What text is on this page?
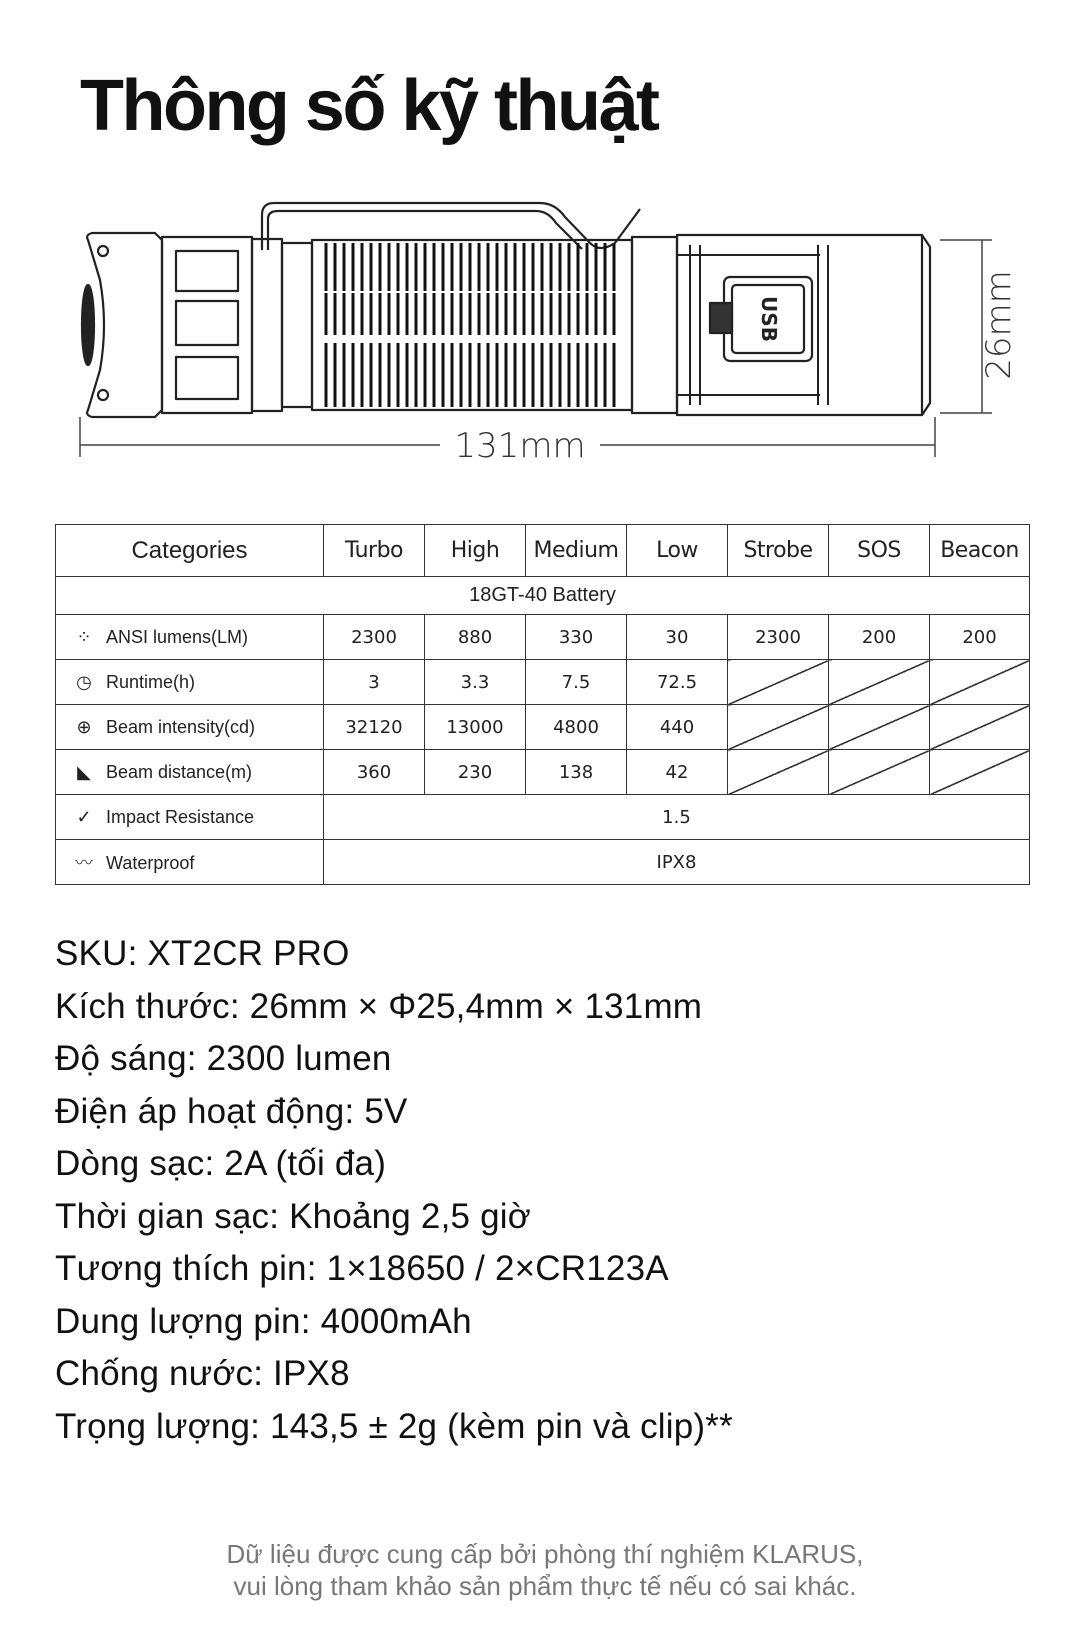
Thông số kỹ thuật
USB
131mm
26mm
Categories	Turbo	High	Medium	Low	Strobe	SOS	Beacon
18GT-40 Battery							
⁘ ANSI lumens(LM)	2300	880	330	30	2300	200	200
◷ Runtime(h)	3	3.3	7.5	72.5			
⊕ Beam intensity(cd)	32120	13000	4800	440			
◣ Beam distance(m)	360	230	138	42			
✓ Impact Resistance	1.5						
〰 Waterproof	IPX8						
SKU: XT2CR PRO
Kích thước: 26mm × Φ25,4mm × 131mm
Độ sáng: 2300 lumen
Điện áp hoạt động: 5V
Dòng sạc: 2A (tối đa)
Thời gian sạc: Khoảng 2,5 giờ
Tương thích pin: 1×18650 / 2×CR123A
Dung lượng pin: 4000mAh
Chống nước: IPX8
Trọng lượng: 143,5 ± 2g (kèm pin và clip)**
Dữ liệu được cung cấp bởi phòng thí nghiệm KLARUS,
vui lòng tham khảo sản phẩm thực tế nếu có sai khác.
